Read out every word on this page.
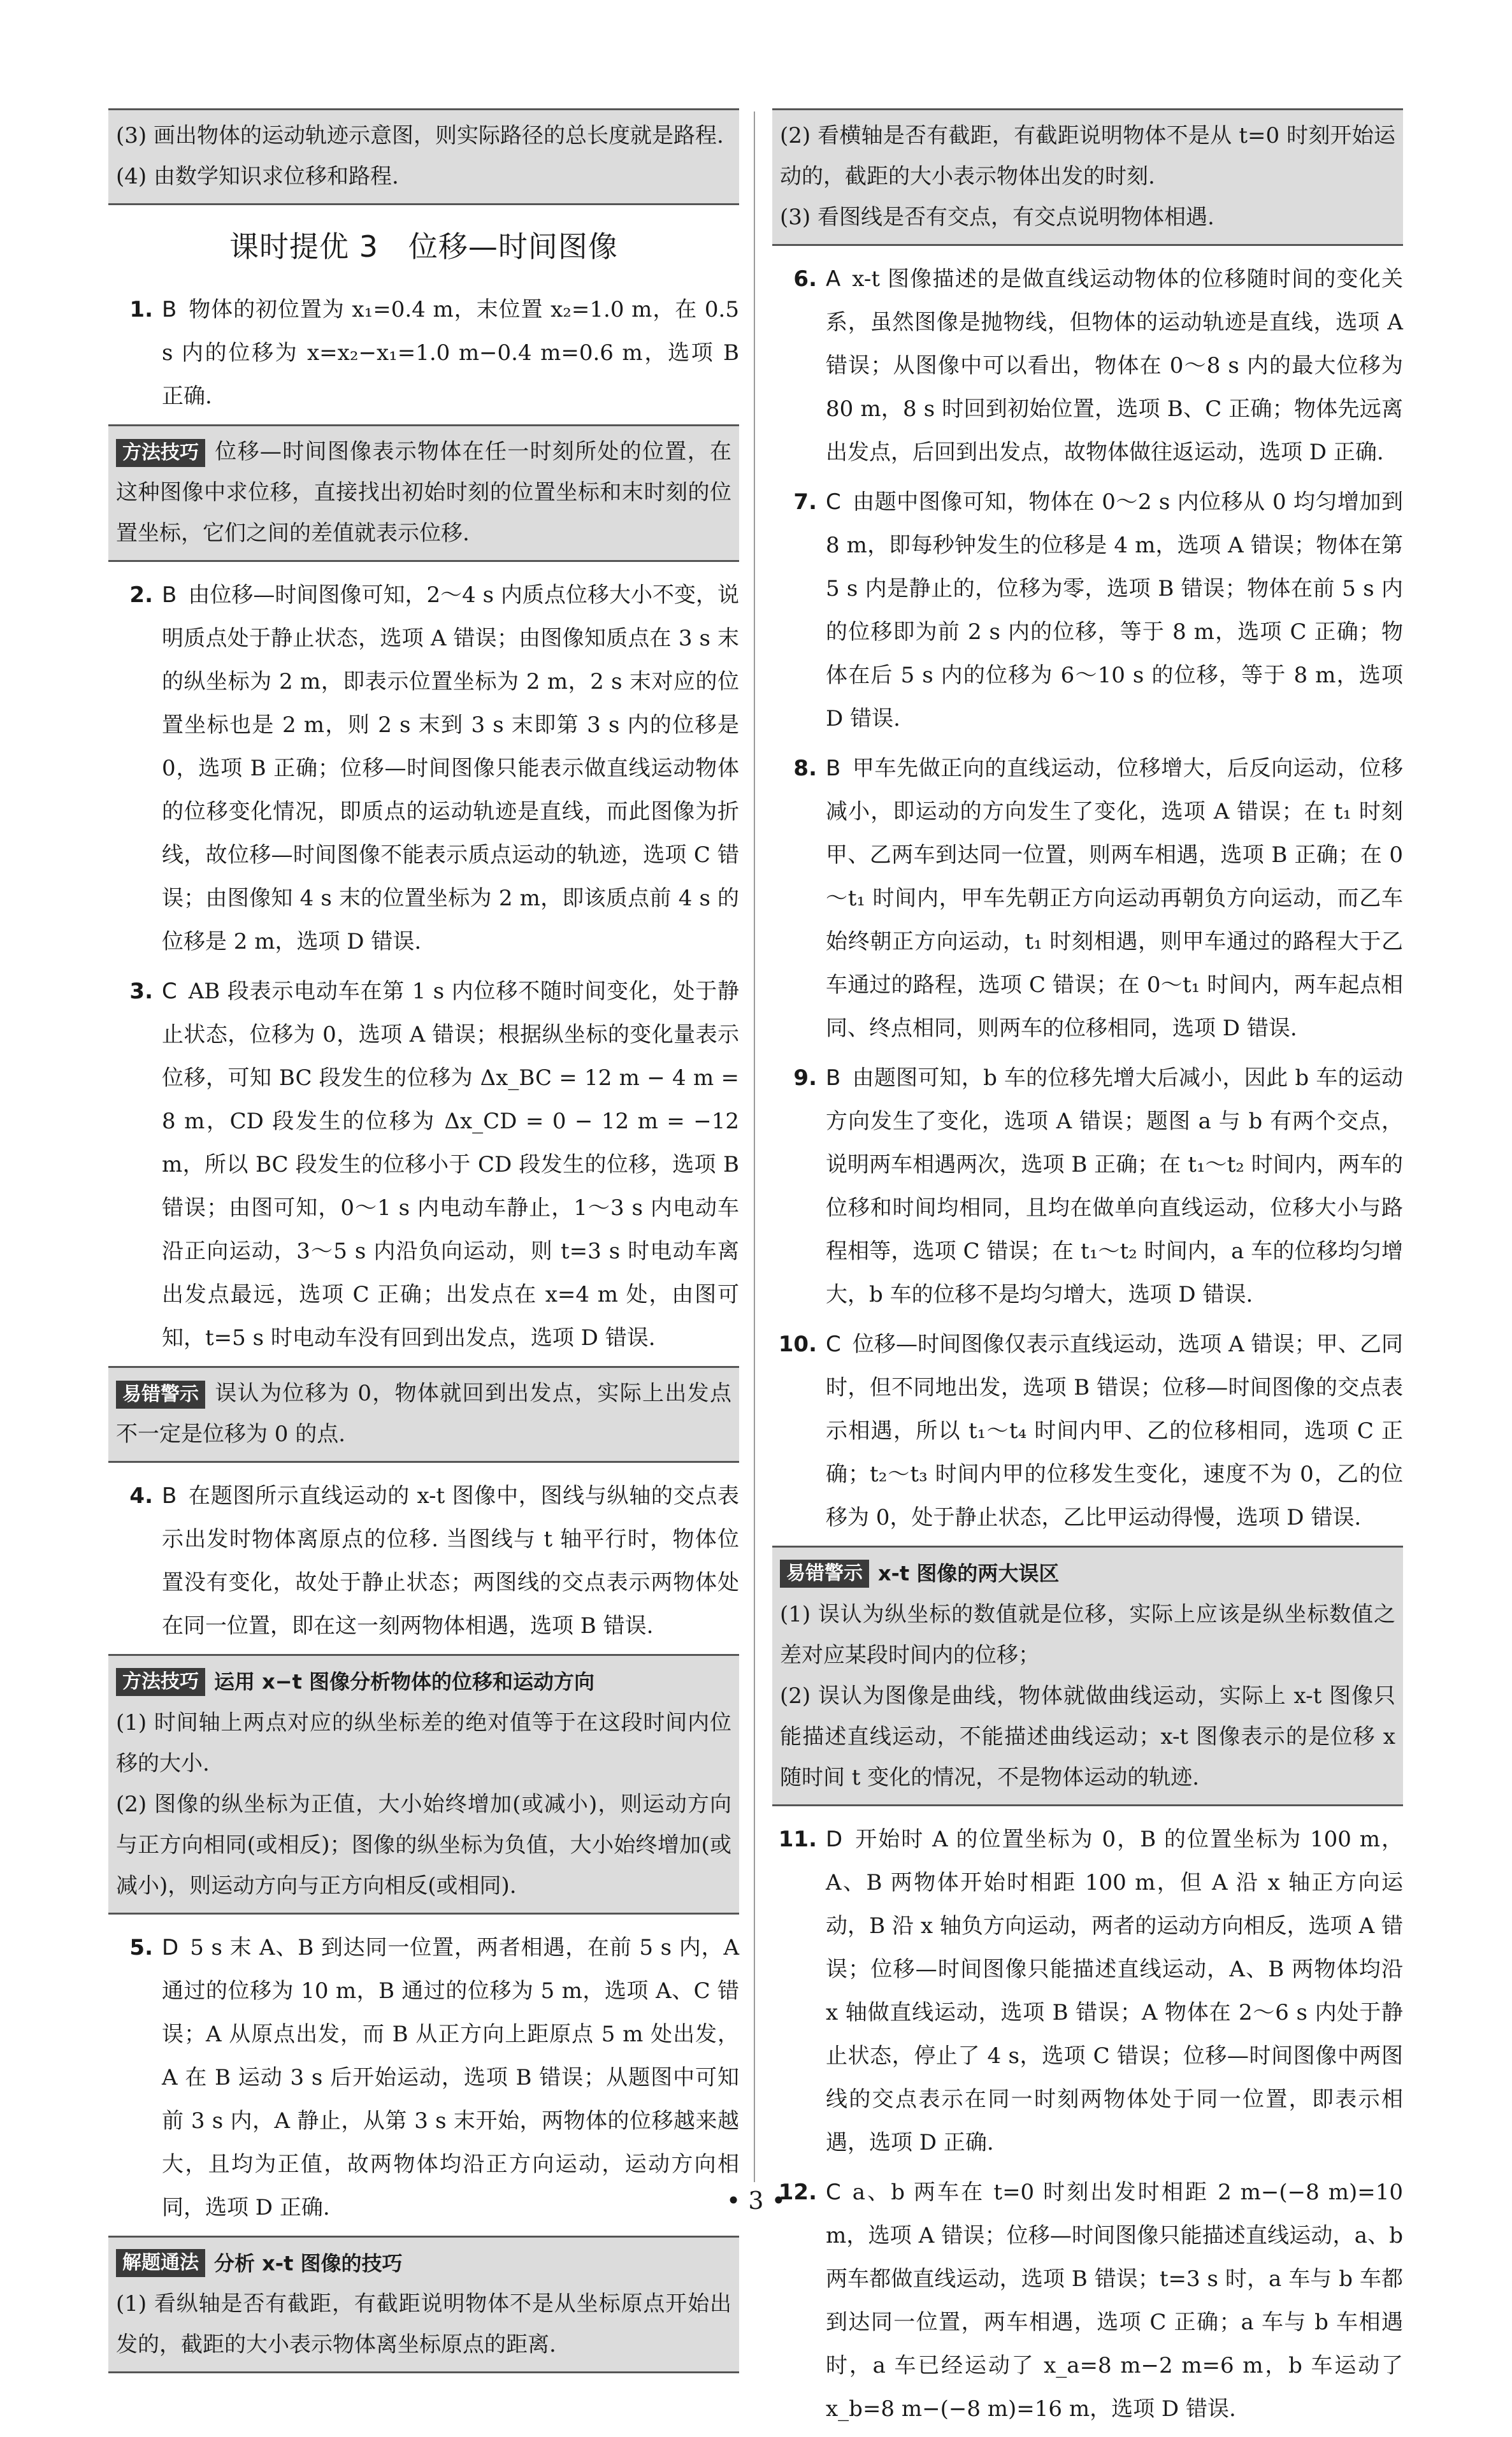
(3) 画出物体的运动轨迹示意图，则实际路径的总长度就是路程.

(4) 由数学知识求位移和路程.

课时提优 3　位移—时间图像
1. B 物体的初位置为 x₁=0.4 m，末位置 x₂=1.0 m，在 0.5 s 内的位移为 x=x₂−x₁=1.0 m−0.4 m=0.6 m，选项 B 正确.

方法技巧 位移—时间图像表示物体在任一时刻所处的位置，在这种图像中求位移，直接找出初始时刻的位置坐标和末时刻的位置坐标，它们之间的差值就表示位移.

2. B 由位移—时间图像可知，2～4 s 内质点位移大小不变，说明质点处于静止状态，选项 A 错误；由图像知质点在 3 s 末的纵坐标为 2 m，即表示位置坐标为 2 m，2 s 末对应的位置坐标也是 2 m，则 2 s 末到 3 s 末即第 3 s 内的位移是 0，选项 B 正确；位移—时间图像只能表示做直线运动物体的位移变化情况，即质点的运动轨迹是直线，而此图像为折线，故位移—时间图像不能表示质点运动的轨迹，选项 C 错误；由图像知 4 s 末的位置坐标为 2 m，即该质点前 4 s 的位移是 2 m，选项 D 错误.

3. C AB 段表示电动车在第 1 s 内位移不随时间变化，处于静止状态，位移为 0，选项 A 错误；根据纵坐标的变化量表示位移，可知 BC 段发生的位移为 Δx_BC = 12 m − 4 m = 8 m，CD 段发生的位移为 Δx_CD = 0 − 12 m = −12 m，所以 BC 段发生的位移小于 CD 段发生的位移，选项 B 错误；由图可知，0～1 s 内电动车静止，1～3 s 内电动车沿正向运动，3～5 s 内沿负向运动，则 t=3 s 时电动车离出发点最远，选项 C 正确；出发点在 x=4 m 处，由图可知，t=5 s 时电动车没有回到出发点，选项 D 错误.

易错警示 误认为位移为 0，物体就回到出发点，实际上出发点不一定是位移为 0 的点.

4. B 在题图所示直线运动的 x-t 图像中，图线与纵轴的交点表示出发时物体离原点的位移. 当图线与 t 轴平行时，物体位置没有变化，故处于静止状态；两图线的交点表示两物体处在同一位置，即在这一刻两物体相遇，选项 B 错误.

方法技巧 运用 x−t 图像分析物体的位移和运动方向

(1) 时间轴上两点对应的纵坐标差的绝对值等于在这段时间内位移的大小.

(2) 图像的纵坐标为正值，大小始终增加(或减小)，则运动方向与正方向相同(或相反)；图像的纵坐标为负值，大小始终增加(或减小)，则运动方向与正方向相反(或相同).

5. D 5 s 末 A、B 到达同一位置，两者相遇，在前 5 s 内，A 通过的位移为 10 m，B 通过的位移为 5 m，选项 A、C 错误；A 从原点出发，而 B 从正方向上距原点 5 m 处出发，A 在 B 运动 3 s 后开始运动，选项 B 错误；从题图中可知前 3 s 内，A 静止，从第 3 s 末开始，两物体的位移越来越大，且均为正值，故两物体均沿正方向运动，运动方向相同，选项 D 正确.

解题通法 分析 x-t 图像的技巧

(1) 看纵轴是否有截距，有截距说明物体不是从坐标原点开始出发的，截距的大小表示物体离坐标原点的距离.

(2) 看横轴是否有截距，有截距说明物体不是从 t=0 时刻开始运动的，截距的大小表示物体出发的时刻.

(3) 看图线是否有交点，有交点说明物体相遇.

6. A x-t 图像描述的是做直线运动物体的位移随时间的变化关系，虽然图像是抛物线，但物体的运动轨迹是直线，选项 A 错误；从图像中可以看出，物体在 0～8 s 内的最大位移为 80 m，8 s 时回到初始位置，选项 B、C 正确；物体先远离出发点，后回到出发点，故物体做往返运动，选项 D 正确.

7. C 由题中图像可知，物体在 0～2 s 内位移从 0 均匀增加到 8 m，即每秒钟发生的位移是 4 m，选项 A 错误；物体在第 5 s 内是静止的，位移为零，选项 B 错误；物体在前 5 s 内的位移即为前 2 s 内的位移，等于 8 m，选项 C 正确；物体在后 5 s 内的位移为 6～10 s 的位移，等于 8 m，选项 D 错误.

8. B 甲车先做正向的直线运动，位移增大，后反向运动，位移减小，即运动的方向发生了变化，选项 A 错误；在 t₁ 时刻甲、乙两车到达同一位置，则两车相遇，选项 B 正确；在 0～t₁ 时间内，甲车先朝正方向运动再朝负方向运动，而乙车始终朝正方向运动，t₁ 时刻相遇，则甲车通过的路程大于乙车通过的路程，选项 C 错误；在 0～t₁ 时间内，两车起点相同、终点相同，则两车的位移相同，选项 D 错误.

9. B 由题图可知，b 车的位移先增大后减小，因此 b 车的运动方向发生了变化，选项 A 错误；题图 a 与 b 有两个交点，说明两车相遇两次，选项 B 正确；在 t₁～t₂ 时间内，两车的位移和时间均相同，且均在做单向直线运动，位移大小与路程相等，选项 C 错误；在 t₁～t₂ 时间内，a 车的位移均匀增大，b 车的位移不是均匀增大，选项 D 错误.

10. C 位移—时间图像仅表示直线运动，选项 A 错误；甲、乙同时，但不同地出发，选项 B 错误；位移—时间图像的交点表示相遇，所以 t₁～t₄ 时间内甲、乙的位移相同，选项 C 正确；t₂～t₃ 时间内甲的位移发生变化，速度不为 0，乙的位移为 0，处于静止状态，乙比甲运动得慢，选项 D 错误.

易错警示 x-t 图像的两大误区

(1) 误认为纵坐标的数值就是位移，实际上应该是纵坐标数值之差对应某段时间内的位移；

(2) 误认为图像是曲线，物体就做曲线运动，实际上 x-t 图像只能描述直线运动，不能描述曲线运动；x-t 图像表示的是位移 x 随时间 t 变化的情况，不是物体运动的轨迹.

11. D 开始时 A 的位置坐标为 0，B 的位置坐标为 100 m，A、B 两物体开始时相距 100 m，但 A 沿 x 轴正方向运动，B 沿 x 轴负方向运动，两者的运动方向相反，选项 A 错误；位移—时间图像只能描述直线运动，A、B 两物体均沿 x 轴做直线运动，选项 B 错误；A 物体在 2～6 s 内处于静止状态，停止了 4 s，选项 C 错误；位移—时间图像中两图线的交点表示在同一时刻两物体处于同一位置，即表示相遇，选项 D 正确.

12. C a、b 两车在 t=0 时刻出发时相距 2 m−(−8 m)=10 m，选项 A 错误；位移—时间图像只能描述直线运动，a、b 两车都做直线运动，选项 B 错误；t=3 s 时，a 车与 b 车都到达同一位置，两车相遇，选项 C 正确；a 车与 b 车相遇时，a 车已经运动了 x_a=8 m−2 m=6 m，b 车运动了 x_b=8 m−(−8 m)=16 m，选项 D 错误.

• 3 •
